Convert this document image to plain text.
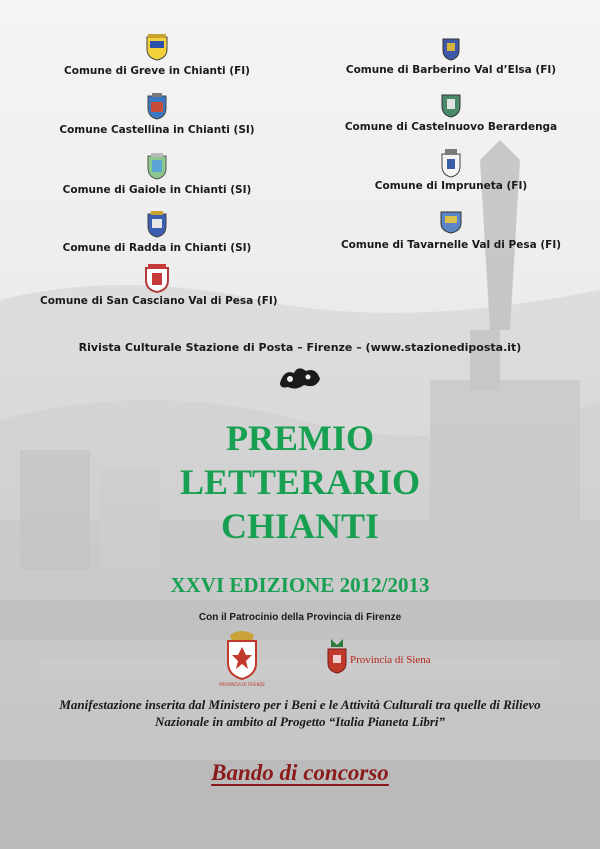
Comune di Greve in Chianti (FI)
Comune Castellina in Chianti (SI)
Comune di Gaiole in Chianti (SI)
Comune di Radda in Chianti (SI)
Comune di San Casciano Val di Pesa (FI)
Comune di Barberino Val d’Elsa (FI)
Comune di Castelnuovo Berardenga
Comune di Impruneta (FI)
Comune di Tavarnelle Val di Pesa (FI)
Rivista Culturale Stazione di Posta – Firenze – (www.stazionediposta.it)
PREMIO
LETTERARIO
CHIANTI
XXVI EDIZIONE 2012/2013
Con il Patrocinio della Provincia di Firenze
PROVINCIA DI FIRENZE
Provincia di Siena
Manifestazione inserita dal Ministero per i Beni e le Attività Culturali tra quelle di Rilievo Nazionale in ambito al Progetto “Italia Pianeta Libri”
Bando di concorso
